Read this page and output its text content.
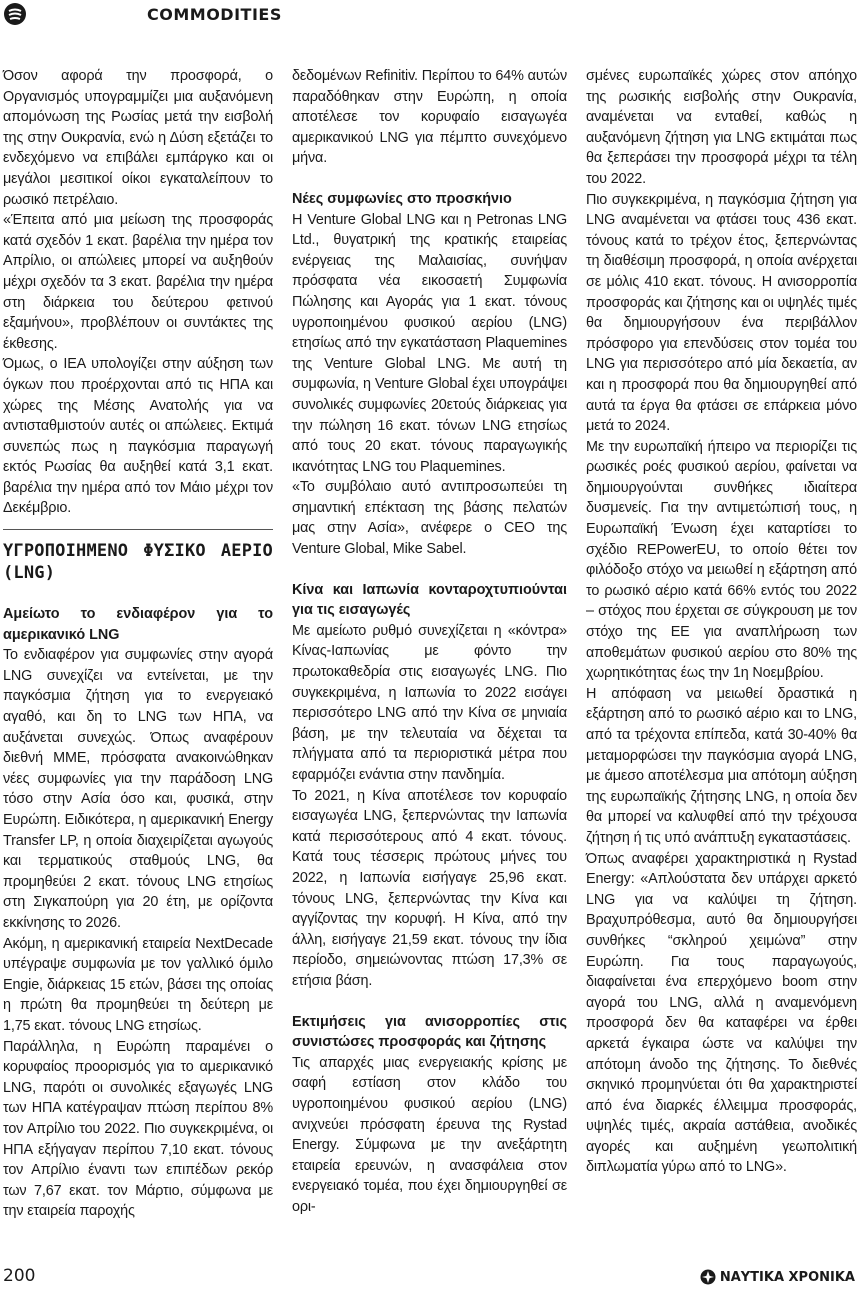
COMMODITIES

Όσον αφορά την προσφορά, ο Οργανισμός υπογραμμίζει μια αυξανόμενη απομόνωση της Ρωσίας μετά την εισβολή της στην Ουκρανία, ενώ η Δύση εξετάζει το ενδεχόμενο να επιβάλει εμπάργκο και οι μεγάλοι μεσιτικοί οίκοι εγκαταλείπουν το ρωσικό πετρέλαιο.

«Έπειτα από μια μείωση της προσφοράς κατά σχεδόν 1 εκατ. βαρέλια την ημέρα τον Απρίλιο, οι απώλειες μπορεί να αυξηθούν μέχρι σχεδόν τα 3 εκατ. βαρέλια την ημέρα στη διάρκεια του δεύτερου φετινού εξαμήνου», προβλέπουν οι συντάκτες της έκθεσης.

Όμως, ο ΙΕΑ υπολογίζει στην αύξηση των όγκων που προέρχονται από τις ΗΠΑ και χώρες της Μέσης Ανατολής για να αντισταθμιστούν αυτές οι απώλειες. Εκτιμά συνεπώς πως η παγκόσμια παραγωγή εκτός Ρωσίας θα αυξηθεί κατά 3,1 εκατ. βαρέλια την ημέρα από τον Μάιο μέχρι τον Δεκέμβριο.

ΥΓΡΟΠΟΙΗΜΕΝΟ ΦΥΣΙΚΟ ΑΕΡΙΟ (LNG)

Αμείωτο το ενδιαφέρον για το αμερικανικό LNG

Το ενδιαφέρον για συμφωνίες στην αγορά LNG συνεχίζει να εντείνεται, με την παγκόσμια ζήτηση για το ενεργειακό αγαθό, και δη το LNG των ΗΠΑ, να αυξάνεται συνεχώς. Όπως αναφέρουν διεθνή ΜΜΕ, πρόσφατα ανακοινώθηκαν νέες συμφωνίες για την παράδοση LNG τόσο στην Ασία όσο και, φυσικά, στην Ευρώπη. Ειδικότερα, η αμερικανική Energy Transfer LP, η οποία διαχειρίζεται αγωγούς και τερματικούς σταθμούς LNG, θα προμηθεύει 2 εκατ. τόνους LNG ετησίως στη Σιγκαπούρη για 20 έτη, με ορίζοντα εκκίνησης το 2026.

Ακόμη, η αμερικανική εταιρεία NextDecade υπέγραψε συμφωνία με τον γαλλικό όμιλο Engie, διάρκειας 15 ετών, βάσει της οποίας η πρώτη θα προμηθεύει τη δεύτερη με 1,75 εκατ. τόνους LNG ετησίως.

Παράλληλα, η Ευρώπη παραμένει ο κορυφαίος προορισμός για το αμερικανικό LNG, παρότι οι συνολικές εξαγωγές LNG των ΗΠΑ κατέγραψαν πτώση περίπου 8% τον Απρίλιο του 2022. Πιο συγκεκριμένα, οι ΗΠΑ εξήγαγαν περίπου 7,10 εκατ. τόνους τον Απρίλιο έναντι των επιπέδων ρεκόρ των 7,67 εκατ. τον Μάρτιο, σύμφωνα με την εταιρεία παροχής

δεδομένων Refinitiv. Περίπου το 64% αυτών παραδόθηκαν στην Ευρώπη, η οποία αποτέλεσε τον κορυφαίο εισαγωγέα αμερικανικού LNG για πέμπτο συνεχόμενο μήνα.

Νέες συμφωνίες στο προσκήνιο

Η Venture Global LNG και η Petronas LNG Ltd., θυγατρική της κρατικής εταιρείας ενέργειας της Μαλαισίας, συνήψαν πρόσφατα νέα εικοσαετή Συμφωνία Πώλησης και Αγοράς για 1 εκατ. τόνους υγροποιημένου φυσικού αερίου (LNG) ετησίως από την εγκατάσταση Plaquemines της Venture Global LNG. Με αυτή τη συμφωνία, η Venture Global έχει υπογράψει συνολικές συμφωνίες 20ετούς διάρκειας για την πώληση 16 εκατ. τόνων LNG ετησίως από τους 20 εκατ. τόνους παραγωγικής ικανότητας LNG του Plaquemines.

«Το συμβόλαιο αυτό αντιπροσωπεύει τη σημαντική επέκταση της βάσης πελατών μας στην Ασία», ανέφερε ο CEO της Venture Global, Mike Sabel.

Κίνα και Ιαπωνία κονταροχτυπιούνται για τις εισαγωγές

Με αμείωτο ρυθμό συνεχίζεται η «κόντρα» Κίνας-Ιαπωνίας με φόντο την πρωτοκαθεδρία στις εισαγωγές LNG. Πιο συγκεκριμένα, η Ιαπωνία το 2022 εισάγει περισσότερο LNG από την Κίνα σε μηνιαία βάση, με την τελευταία να δέχεται τα πλήγματα από τα περιοριστικά μέτρα που εφαρμόζει ενάντια στην πανδημία.

Το 2021, η Κίνα αποτέλεσε τον κορυφαίο εισαγωγέα LNG, ξεπερνώντας την Ιαπωνία κατά περισσότερους από 4 εκατ. τόνους. Κατά τους τέσσερις πρώτους μήνες του 2022, η Ιαπωνία εισήγαγε 25,96 εκατ. τόνους LNG, ξεπερνώντας την Κίνα και αγγίζοντας την κορυφή. Η Κίνα, από την άλλη, εισήγαγε 21,59 εκατ. τόνους την ίδια περίοδο, σημειώνοντας πτώση 17,3% σε ετήσια βάση.

Εκτιμήσεις για ανισορροπίες στις συνιστώσες προσφοράς και ζήτησης

Τις απαρχές μιας ενεργειακής κρίσης με σαφή εστίαση στον κλάδο του υγροποιημένου φυσικού αερίου (LNG) ανιχνεύει πρόσφατη έρευνα της Rystad Energy. Σύμφωνα με την ανεξάρτητη εταιρεία ερευνών, η ανασφάλεια στον ενεργειακό τομέα, που έχει δημιουργηθεί σε ορι-

σμένες ευρωπαϊκές χώρες στον απόηχο της ρωσικής εισβολής στην Ουκρανία, αναμένεται να ενταθεί, καθώς η αυξανόμενη ζήτηση για LNG εκτιμάται πως θα ξεπεράσει την προσφορά μέχρι τα τέλη του 2022.

Πιο συγκεκριμένα, η παγκόσμια ζήτηση για LNG αναμένεται να φτάσει τους 436 εκατ. τόνους κατά το τρέχον έτος, ξεπερνώντας τη διαθέσιμη προσφορά, η οποία ανέρχεται σε μόλις 410 εκατ. τόνους. Η ανισορροπία προσφοράς και ζήτησης και οι υψηλές τιμές θα δημιουργήσουν ένα περιβάλλον πρόσφορο για επενδύσεις στον τομέα του LNG για περισσότερο από μία δεκαετία, αν και η προσφορά που θα δημιουργηθεί από αυτά τα έργα θα φτάσει σε επάρκεια μόνο μετά το 2024.

Με την ευρωπαϊκή ήπειρο να περιορίζει τις ρωσικές ροές φυσικού αερίου, φαίνεται να δημιουργούνται συνθήκες ιδιαίτερα δυσμενείς. Για την αντιμετώπισή τους, η Ευρωπαϊκή Ένωση έχει καταρτίσει το σχέδιο REPowerEU, το οποίο θέτει τον φιλόδοξο στόχο να μειωθεί η εξάρτηση από το ρωσικό αέριο κατά 66% εντός του 2022 – στόχος που έρχεται σε σύγκρουση με τον στόχο της ΕΕ για αναπλήρωση των αποθεμάτων φυσικού αερίου στο 80% της χωρητικότητας έως την 1η Νοεμβρίου.

Η απόφαση να μειωθεί δραστικά η εξάρτηση από το ρωσικό αέριο και το LNG, από τα τρέχοντα επίπεδα, κατά 30-40% θα μεταμορφώσει την παγκόσμια αγορά LNG, με άμεσο αποτέλεσμα μια απότομη αύξηση της ευρωπαϊκής ζήτησης LNG, η οποία δεν θα μπορεί να καλυφθεί από την τρέχουσα ζήτηση ή τις υπό ανάπτυξη εγκαταστάσεις.

Όπως αναφέρει χαρακτηριστικά η Rystad Energy: «Απλούστατα δεν υπάρχει αρκετό LNG για να καλύψει τη ζήτηση. Βραχυπρόθεσμα, αυτό θα δημιουργήσει συνθήκες “σκληρού χειμώνα” στην Ευρώπη. Για τους παραγωγούς, διαφαίνεται ένα επερχόμενο boom στην αγορά του LNG, αλλά η αναμενόμενη προσφορά δεν θα καταφέρει να έρθει αρκετά έγκαιρα ώστε να καλύψει την απότομη άνοδο της ζήτησης. Το διεθνές σκηνικό προμηνύεται ότι θα χαρακτηριστεί από ένα διαρκές έλλειμμα προσφοράς, υψηλές τιμές, ακραία αστάθεια, ανοδικές αγορές και αυξημένη γεωπολιτική διπλωματία γύρω από το LNG».

200	ΝΑΥΤΙΚΑ ΧΡΟΝΙΚΑ
